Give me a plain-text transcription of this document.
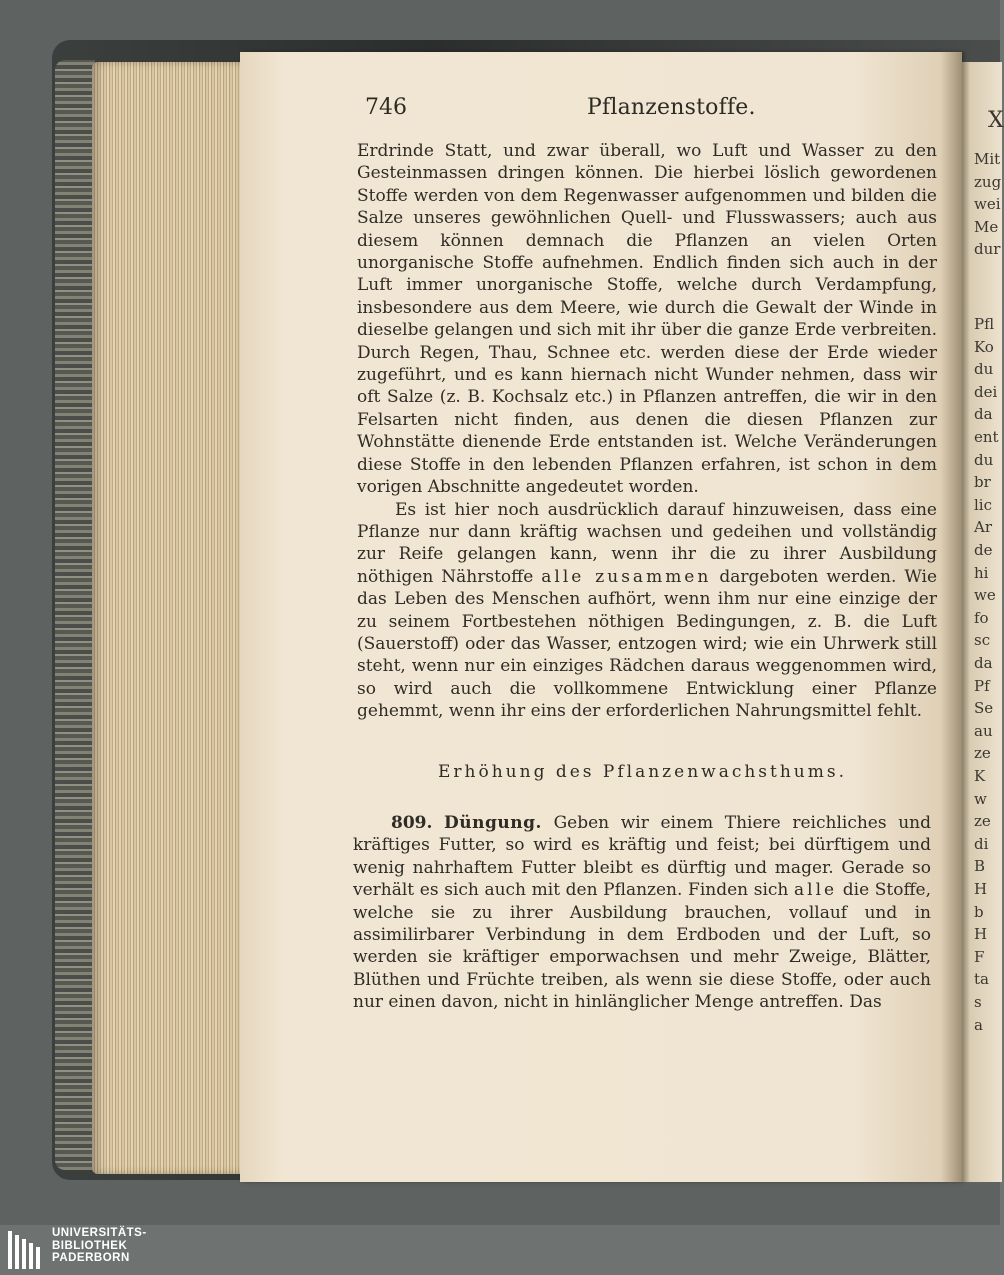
Mit
zug
wei
Me
dur
Pfl
Ko
du
dei
da
ent
du
br
lic
Ar
de
hi
we
fo
sc
da
Pf
Se
au
ze
K
w
ze
di
B
H
b
H
F
ta
s
a
X
746	Pflanzenstoffe.

Erdrinde Statt, und zwar überall, wo Luft und Wasser zu den Gesteinmassen dringen können. Die hierbei löslich gewordenen Stoffe werden von dem Regenwasser aufgenommen und bilden die Salze unseres gewöhnlichen Quell- und Flusswassers; auch aus diesem können demnach die Pflanzen an vielen Orten unorganische Stoffe aufnehmen. Endlich finden sich auch in der Luft immer unorganische Stoffe, welche durch Verdampfung, insbesondere aus dem Meere, wie durch die Gewalt der Winde in dieselbe gelangen und sich mit ihr über die ganze Erde verbreiten. Durch Regen, Thau, Schnee etc. werden diese der Erde wieder zugeführt, und es kann hiernach nicht Wunder nehmen, dass wir oft Salze (z. B. Kochsalz etc.) in Pflanzen antreffen, die wir in den Felsarten nicht finden, aus denen die diesen Pflanzen zur Wohnstätte dienende Erde entstanden ist. Welche Veränderungen diese Stoffe in den lebenden Pflanzen erfahren, ist schon in dem vorigen Abschnitte angedeutet worden.

Es ist hier noch ausdrücklich darauf hinzuweisen, dass eine Pflanze nur dann kräftig wachsen und gedeihen und vollständig zur Reife gelangen kann, wenn ihr die zu ihrer Ausbildung nöthigen Nährstoffe alle zusammen dargeboten werden. Wie das Leben des Menschen aufhört, wenn ihm nur eine einzige der zu seinem Fortbestehen nöthigen Bedingungen, z. B. die Luft (Sauerstoff) oder das Wasser, entzogen wird; wie ein Uhrwerk still steht, wenn nur ein einziges Rädchen daraus weggenommen wird, so wird auch die vollkommene Entwicklung einer Pflanze gehemmt, wenn ihr eins der erforderlichen Nahrungsmittel fehlt.

Erhöhung des Pflanzenwachsthums.

809. Düngung. Geben wir einem Thiere reichliches und kräftiges Futter, so wird es kräftig und feist; bei dürftigem und wenig nahrhaftem Futter bleibt es dürftig und mager. Gerade so verhält es sich auch mit den Pflanzen. Finden sich alle die Stoffe, welche sie zu ihrer Ausbildung brauchen, vollauf und in assimilirbarer Verbindung in dem Erdboden und der Luft, so werden sie kräftiger emporwachsen und mehr Zweige, Blätter, Blüthen und Früchte treiben, als wenn sie diese Stoffe, oder auch nur einen davon, nicht in hinlänglicher Menge antreffen. Das

UNIVERSITÄTS-
BIBLIOTHEK
PADERBORN
